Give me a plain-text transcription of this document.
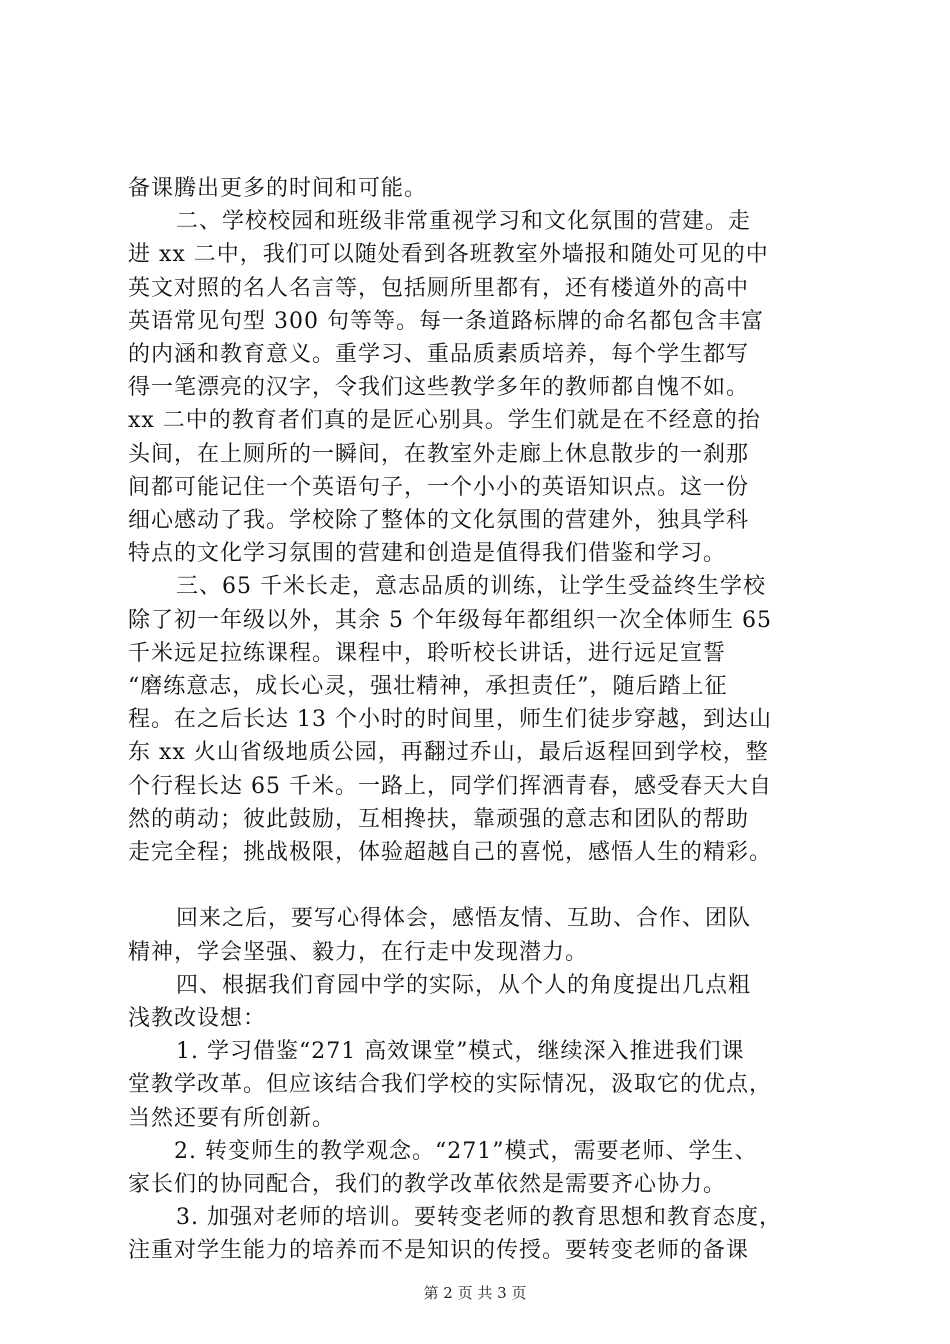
备课腾出更多的时间和可能。
二、学校校园和班级非常重视学习和文化氛围的营建。走
进 xx 二中，我们可以随处看到各班教室外墙报和随处可见的中
英文对照的名人名言等，包括厕所里都有，还有楼道外的高中
英语常见句型 300 句等等。每一条道路标牌的命名都包含丰富
的内涵和教育意义。重学习、重品质素质培养，每个学生都写
得一笔漂亮的汉字，令我们这些教学多年的教师都自愧不如。
xx 二中的教育者们真的是匠心别具。学生们就是在不经意的抬
头间，在上厕所的一瞬间，在教室外走廊上休息散步的一刹那
间都可能记住一个英语句子，一个小小的英语知识点。这一份
细心感动了我。学校除了整体的文化氛围的营建外，独具学科
特点的文化学习氛围的营建和创造是值得我们借鉴和学习。
三、65 千米长走，意志品质的训练，让学生受益终生学校
除了初一年级以外，其余 5 个年级每年都组织一次全体师生 65
千米远足拉练课程。课程中，聆听校长讲话，进行远足宣誓
“磨练意志，成长心灵，强壮精神，承担责任”，随后踏上征
程。在之后长达 13 个小时的时间里，师生们徒步穿越，到达山
东 xx 火山省级地质公园，再翻过乔山，最后返程回到学校，整
个行程长达 65 千米。一路上，同学们挥洒青春，感受春天大自
然的萌动；彼此鼓励，互相搀扶，靠顽强的意志和团队的帮助
走完全程；挑战极限，体验超越自己的喜悦，感悟人生的精彩。
回来之后，要写心得体会，感悟友情、互助、合作、团队
精神，学会坚强、毅力，在行走中发现潜力。
四、根据我们育园中学的实际，从个人的角度提出几点粗
浅教改设想：
1. 学习借鉴“271 高效课堂”模式，继续深入推进我们课
堂教学改革。但应该结合我们学校的实际情况，汲取它的优点，
当然还要有所创新。
2. 转变师生的教学观念。“271”模式，需要老师、学生、
家长们的协同配合，我们的教学改革依然是需要齐心协力。
3. 加强对老师的培训。要转变老师的教育思想和教育态度，
注重对学生能力的培养而不是知识的传授。要转变老师的备课
第 2 页 共 3 页
